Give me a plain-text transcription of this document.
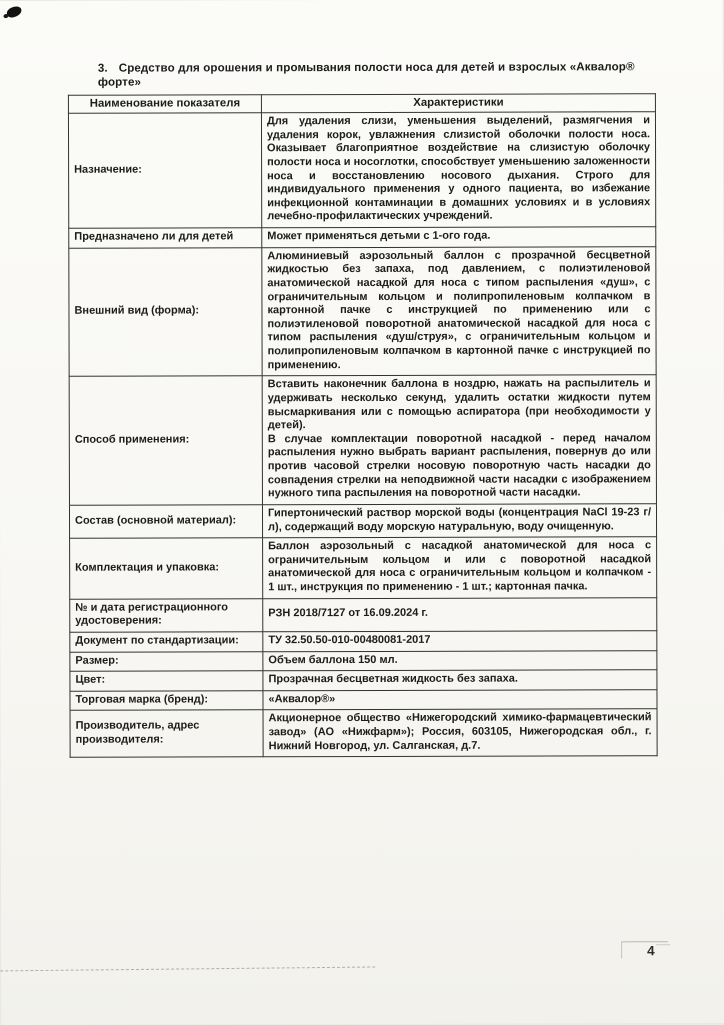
3. Средство для орошения и промывания полости носа для детей и взрослых «Аквалор® форте»
Наименование показателя	Характеристики
Назначение:	Для удаления слизи, уменьшения выделений, размягчения и удаления корок, увлажнения слизистой оболочки полости носа. Оказывает благоприятное воздействие на слизистую оболочку полости носа и носоглотки, способствует уменьшению заложенности носа и восстановлению носового дыхания. Строго для индивидуального применения у одного пациента, во избежание инфекционной контаминации в домашних условиях и в условиях лечебно-профилактических учреждений.
Предназначено ли для детей	Может применяться детьми с 1-ого года.
Внешний вид (форма):	Алюминиевый аэрозольный баллон с прозрачной бесцветной жидкостью без запаха, под давлением, с полиэтиленовой анатомической насадкой для носа с типом распыления «душ», с ограничительным кольцом и полипропиленовым колпачком в картонной пачке с инструкцией по применению или с полиэтиленовой поворотной анатомической насадкой для носа с типом распыления «душ/струя», с ограничительным кольцом и полипропиленовым колпачком в картонной пачке с инструкцией по применению.
Способ применения:	Вставить наконечник баллона в ноздрю, нажать на распылитель и удерживать несколько секунд, удалить остатки жидкости путем высмаркивания или с помощью аспиратора (при необходимости у детей).
В случае комплектации поворотной насадкой - перед началом распыления нужно выбрать вариант распыления, повернув до или против часовой стрелки носовую поворотную часть насадки до совпадения стрелки на неподвижной части насадки с изображением нужного типа распыления на поворотной части насадки.
Состав (основной материал):	Гипертонический раствор морской воды (концентрация NaCl 19-23 г/л), содержащий воду морскую натуральную, воду очищенную.
Комплектация и упаковка:	Баллон аэрозольный с насадкой анатомической для носа с ограничительным кольцом и или с поворотной насадкой анатомической для носа с ограничительным кольцом и колпачком - 1 шт., инструкция по применению - 1 шт.; картонная пачка.
№ и дата регистрационного удостоверения:	РЗН 2018/7127 от 16.09.2024 г.
Документ по стандартизации:	ТУ 32.50.50-010-00480081-2017
Размер:	Объем баллона 150 мл.
Цвет:	Прозрачная бесцветная жидкость без запаха.
Торговая марка (бренд):	«Аквалор®»
Производитель, адрес производителя:	Акционерное общество «Нижегородский химико-фармацевтический завод» (АО «Нижфарм»); Россия, 603105, Нижегородская обл., г. Нижний Новгород, ул. Салганская, д.7.
4
